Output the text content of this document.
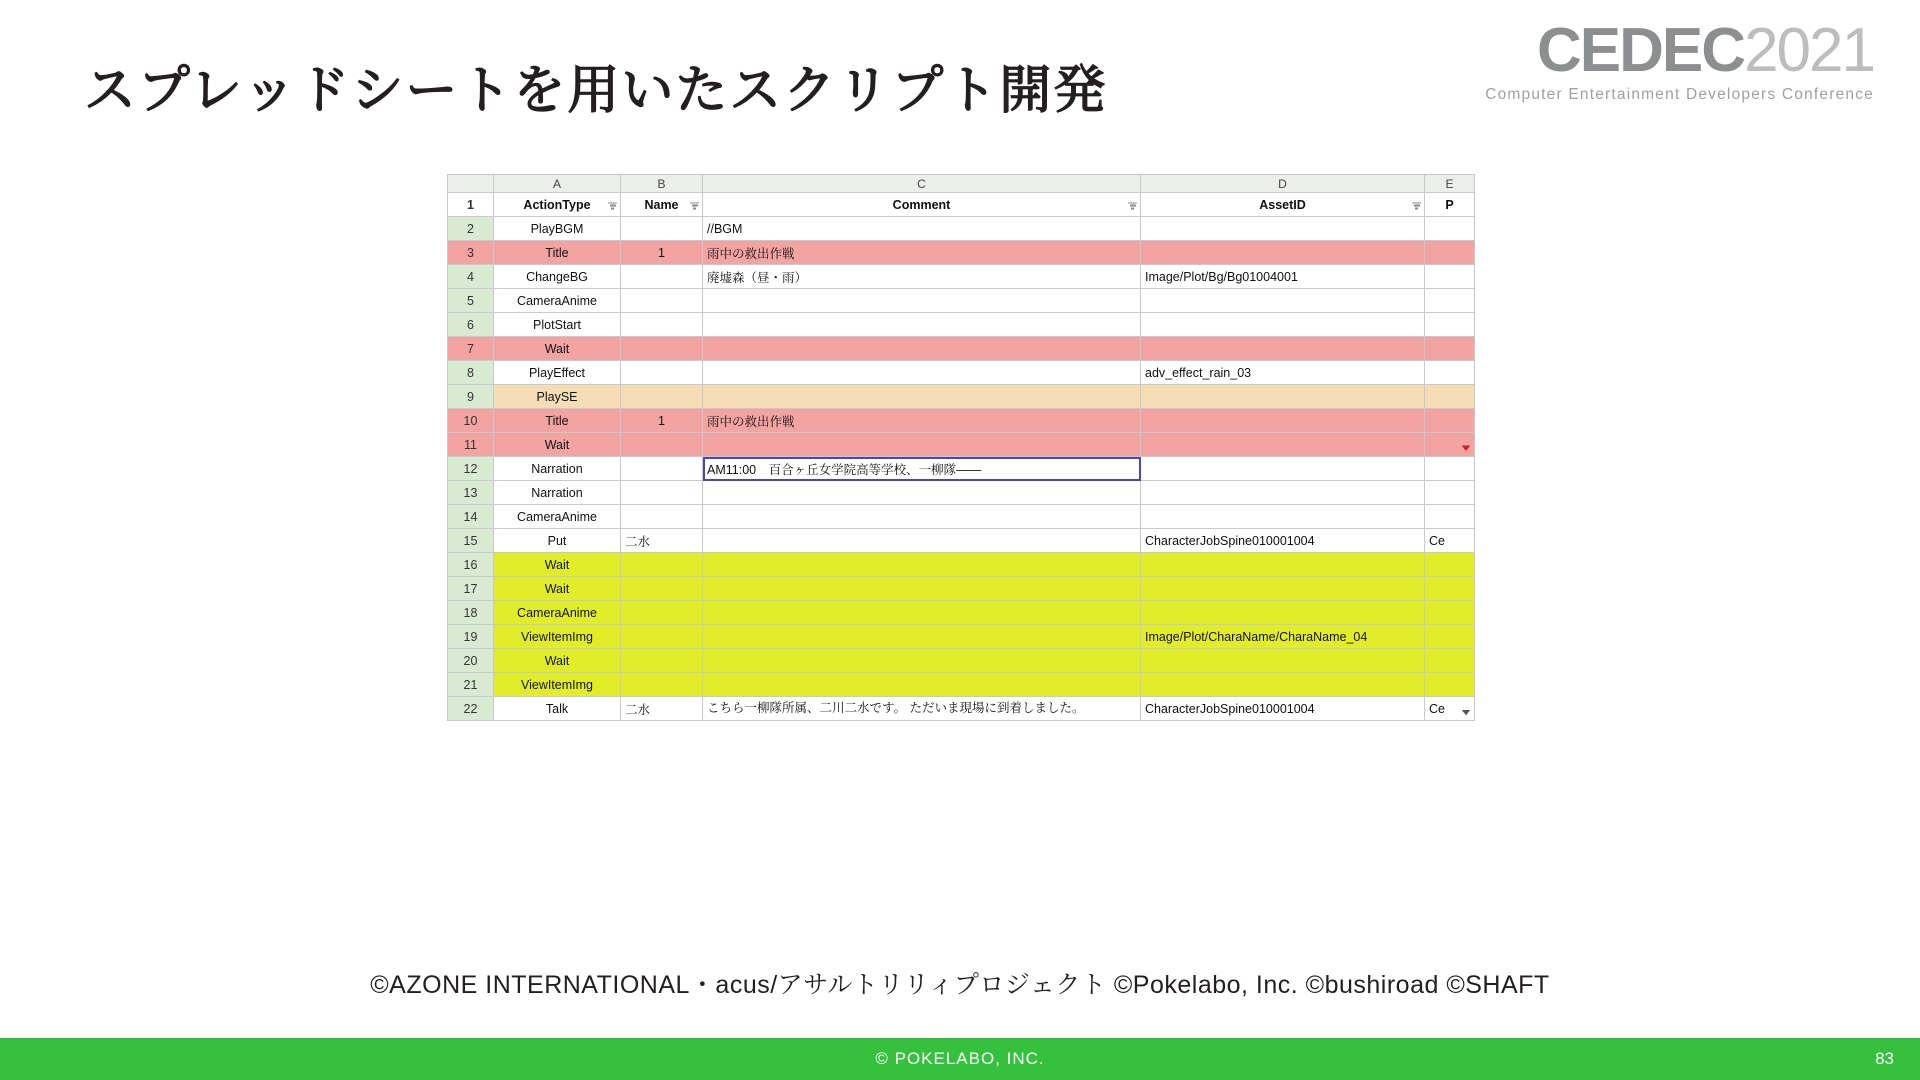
スプレッドシートを用いたスクリプト開発
CEDEC2021
Computer Entertainment Developers Conference
	A	B	C	D	E
1	ActionType	Name	Comment	AssetID	P
2	PlayBGM		//BGM	

3	Title	1	雨中の救出作戦	

4	ChangeBG		廃墟森（昼・雨）	Image/Plot/Bg/Bg01004001

5	CameraAnime

6	PlotStart

7	Wait

8	PlayEffect			adv_effect_rain_03

9	PlaySE

10	Title	1	雨中の救出作戦	

11	Wait

12	Narration		AM11:00　百合ヶ丘女学院高等学校、一柳隊——	

13	Narration

14	CameraAnime

15	Put	二水		CharacterJobSpine010001004	Ce
16	Wait

17	Wait

18	CameraAnime

19	ViewItemImg			Image/Plot/CharaName/CharaName_04

20	Wait

21	ViewItemImg

22	Talk	二水	こちら一柳隊所属、二川二水です。 ただいま現場に到着しました。	CharacterJobSpine010001004	Ce
©AZONE INTERNATIONAL・acus/アサルトリリィプロジェクト ©Pokelabo, Inc. ©bushiroad ©SHAFT
© POKELABO, INC.	83
